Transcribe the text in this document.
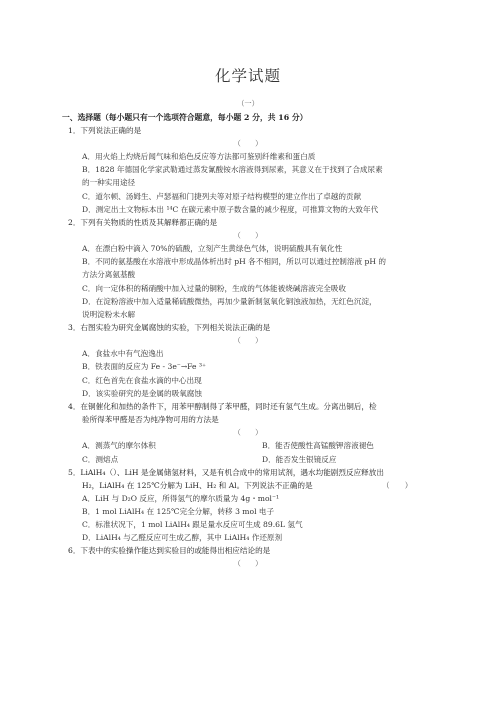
化学试题
（一）
一、选择题（每小题只有一个选项符合题意，每小题 2 分，共 16 分）
1．下列说法正确的是
（　　）
A．用火焰上灼烧后闻气味和焰色反应等方法都可鉴别纤维素和蛋白质
B．1828 年德国化学家武勒通过蒸发氰酸铵水溶液得到尿素，其意义在于找到了合成尿素
的一种实用途径
C．道尔顿、汤姆生、卢瑟福和门捷列夫等对原子结构模型的建立作出了卓越的贡献
D．测定出土文物标本出 ¹⁴C 在碳元素中原子数含量的减少程度，可推算文物的大致年代
2．下列有关物质的性质及其解释都正确的是
（　　）
A．在漂白粉中滴入 70%的硫酸，立刻产生黄绿色气体，说明硫酸具有氧化性
B．不同的氨基酸在水溶液中形成晶体析出时 pH 各不相同，所以可以通过控制溶液 pH 的
方法分离氨基酸
C．向一定体积的稀硝酸中加入过量的铜粉，生成的气体能被烧碱溶液完全吸收
D．在淀粉溶液中加入适量稀硫酸微热，再加少量新制氢氧化铜浊液加热，无红色沉淀，
说明淀粉未水解
3．右图实验为研究金属腐蚀的实验，下列相关说法正确的是
（　　）
A．食盐水中有气泡逸出
B．铁表面的反应为 Fe - 3e⁻→Fe ³⁺
C．红色首先在食盐水滴的中心出现
D．该实验研究的是金属的吸氧腐蚀
4．在铜催化和加热的条件下，用苯甲醇制得了苯甲醛，同时还有氢气生成。分离出铜后，检
验所得苯甲醛是否为纯净物可用的方法是
（　　）
A．测蒸气的摩尔体积	B．能否使酸性高锰酸钾溶液褪色
C．测熔点	D．能否发生银镜反应
5．LiAlH₄（）、LiH 是金属储氢材料，又是有机合成中的常用试剂，遇水均能剧烈反应释放出
H₂，LiAlH₄ 在 125℃分解为 LiH、H₂ 和 Al。下列说法不正确的是	（　　）
A．LiH 与 D₂O 反应，所得氢气的摩尔质量为 4g・mol⁻¹
B．1 mol LiAlH₄ 在 125℃完全分解，转移 3 mol 电子
C．标准状况下，1 mol LiAlH₄ 跟足量水反应可生成 89.6L 氢气
D．LiAlH₄ 与乙醛反应可生成乙醇，其中 LiAlH₄ 作还原剂
6．下表中的实验操作能达到实验目的或能得出相应结论的是
（　　）
